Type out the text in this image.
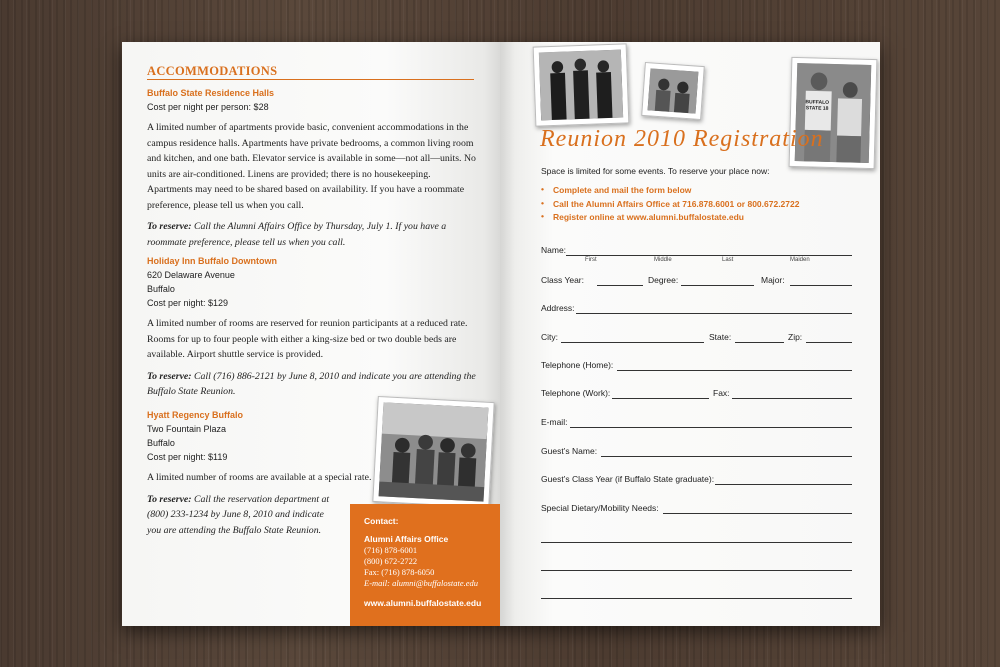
ACCOMMODATIONS
Buffalo State Residence Halls
Cost per night per person: $28
A limited number of apartments provide basic, convenient accommodations in the campus residence halls. Apartments have private bedrooms, a common living room and kitchen, and one bath. Elevator service is available in some—not all—units. No units are air-conditioned. Linens are provided; there is no housekeeping. Apartments may need to be shared based on availability. If you have a roommate preference, please tell us when you call.
To reserve: Call the Alumni Affairs Office by Thursday, July 1. If you have a roommate preference, please tell us when you call.
Holiday Inn Buffalo Downtown
620 Delaware Avenue
Buffalo
Cost per night: $129
A limited number of rooms are reserved for reunion participants at a reduced rate. Rooms for up to four people with either a king-size bed or two double beds are available. Airport shuttle service is provided.
To reserve: Call (716) 886-2121 by June 8, 2010 and indicate you are attending the Buffalo State Reunion.
Hyatt Regency Buffalo
Two Fountain Plaza
Buffalo
Cost per night: $119
A limited number of rooms are available at a special rate.
To reserve: Call the reservation department at (800) 233-1234 by June 8, 2010 and indicate you are attending the Buffalo State Reunion.
Contact:
Alumni Affairs Office
(716) 878-6001
(800) 672-2722
Fax: (716) 878-6050
E-mail: alumni@buffalostate.edu
www.alumni.buffalostate.edu
BUFFALO STATE 18
Reunion 2010 Registration
Space is limited for some events. To reserve your place now:
• Complete and mail the form below
• Call the Alumni Affairs Office at 716.878.6001 or 800.672.2722
• Register online at www.alumni.buffalostate.edu
Name:
First	Middle	Last	Maiden
Class Year:	Degree:	Major:
Address:
City:	State:	Zip:
Telephone (Home):
Telephone (Work):	Fax:
E-mail:
Guest’s Name:
Guest’s Class Year (if Buffalo State graduate):
Special Dietary/Mobility Needs:
